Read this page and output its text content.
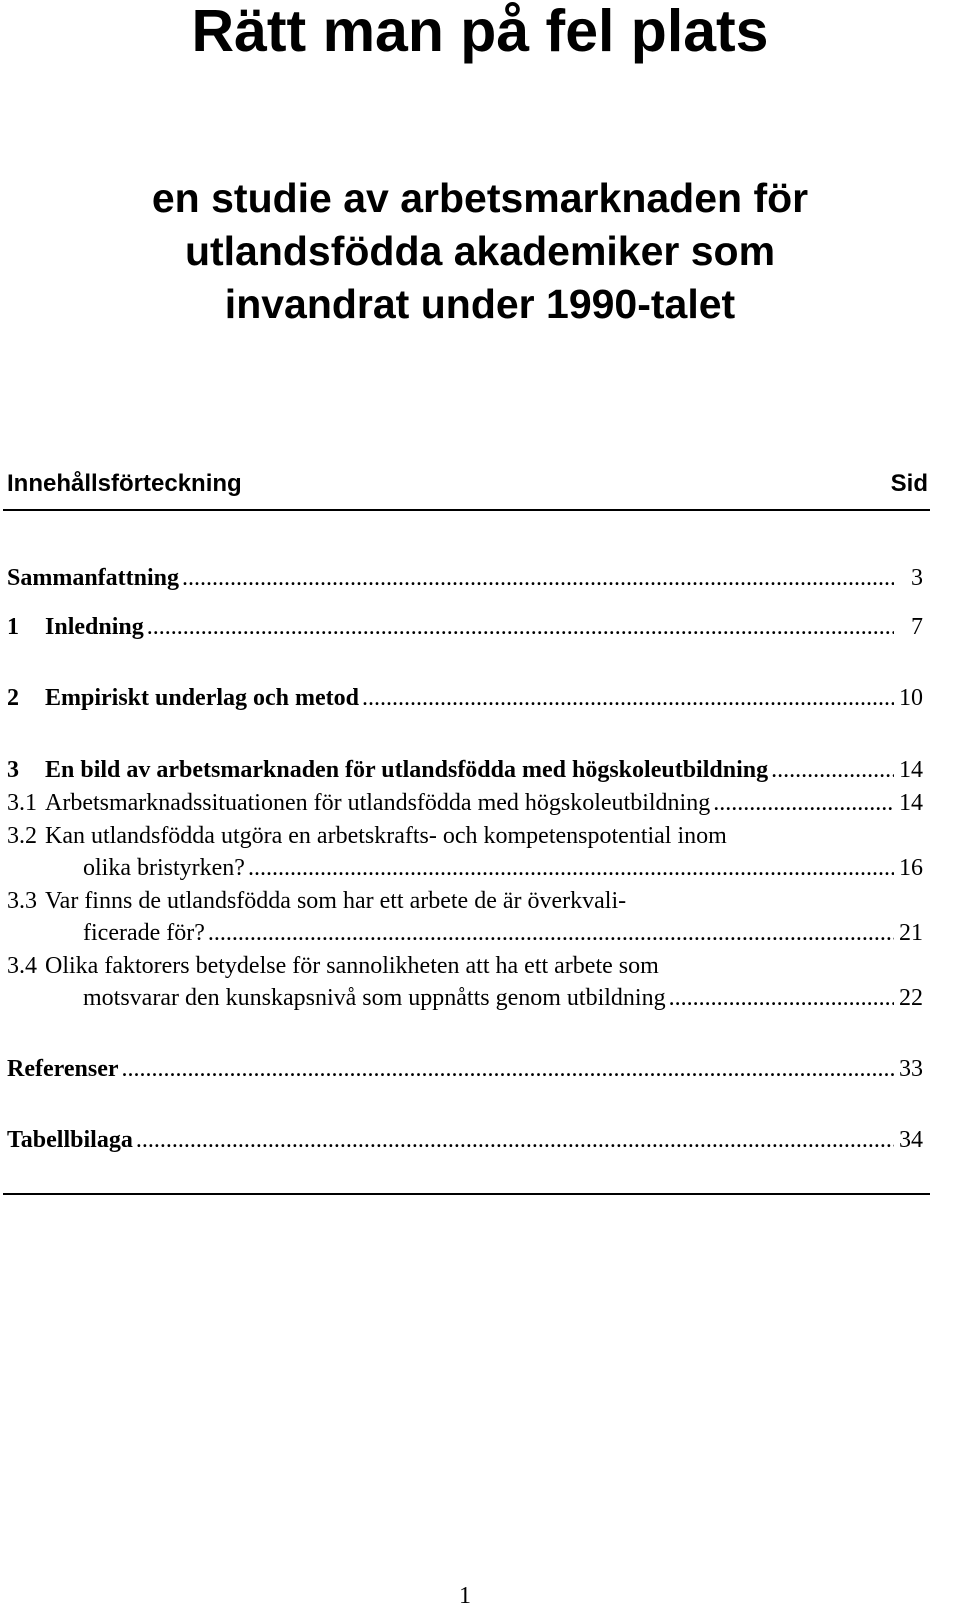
Rätt man på fel plats
en studie av arbetsmarknaden för
utlandsfödda akademiker som
invandrat under 1990-talet
Innehållsförteckning	Sid
Sammanfattning .....	3
1	Inledning .....	7
2	Empiriskt underlag och metod .....	10
3	En bild av arbetsmarknaden för utlandsfödda med högskoleutbildning .....	14
3.1 Arbetsmarknadssituationen för utlandsfödda med högskoleutbildning .....	14
3.2 Kan utlandsfödda utgöra en arbetskrafts- och kompetenspotential inom
olika bristyrken? .....	16
3.3 Var finns de utlandsfödda som har ett arbete de är överkvali-
ficerade för? .....	21
3.4 Olika faktorers betydelse för sannolikheten att ha ett arbete som
motsvarar den kunskapsnivå som uppnåtts genom utbildning .....	22
Referenser .....	33
Tabellbilaga .....	34
1
